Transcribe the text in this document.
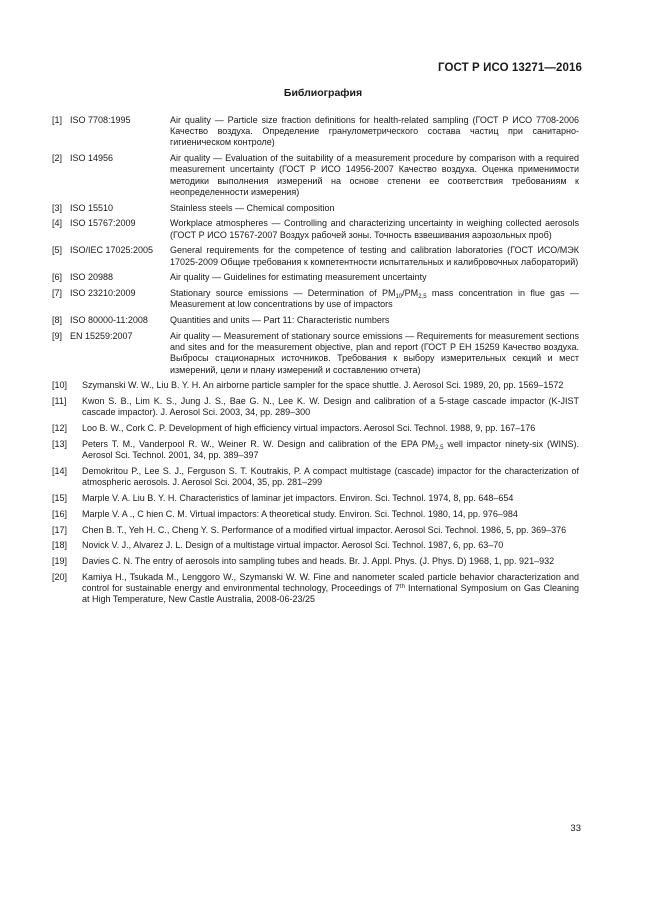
ГОСТ Р ИСО 13271—2016
Библиография
[1] ISO 7708:1995	Air quality — Particle size fraction definitions for health-related sampling (ГОСТ Р ИСО 7708-2006 Качество воздуха. Определение гранулометрического состава частиц при санитарно-гигиеническом контроле)
[2] ISO 14956	Air quality — Evaluation of the suitability of a measurement procedure by comparison with a required measurement uncertainty (ГОСТ Р ИСО 14956-2007 Качество воздуха. Оценка применимости методики выполнения измерений на основе степени ее соответствия требованиям к неопределенности измерения)
[3] ISO 15510	Stainless steels — Chemical composition
[4] ISO 15767:2009	Workplace atmospheres — Controlling and characterizing uncertainty in weighing collected aerosols (ГОСТ Р ИСО 15767-2007 Воздух рабочей зоны. Точность взвешивания аэрозольных проб)
[5] ISO/IEC 17025:2005	General requirements for the competence of testing and calibration laboratories (ГОСТ ИСО/МЭК 17025-2009 Общие требования к компетентности испытательных и калибровочных лабораторий)
[6] ISO 20988	Air quality — Guidelines for estimating measurement uncertainty
[7] ISO 23210:2009	Stationary source emissions — Determination of $PM_{10}/PM_{2,5}$ mass concentration in flue gas — Measurement at low concentrations by use of impactors
[8] ISO 80000-11:2008	Quantities and units — Part 11: Characteristic numbers
[9] EN 15259:2007	Air quality — Measurement of stationary source emissions — Requirements for measurement sections and sites and for the measurement objective, plan and report (ГОСТ Р ЕН 15259 Качество воздуха. Выбросы стационарных источников. Требования к выбору измерительных секций и мест измерений, цели и плану измерений и составлению отчета)
[10]	Szymanski W. W., Liu B. Y. H. An airborne particle sampler for the space shuttle. J. Aerosol Sci. 1989, 20, pp. 1569–1572
[11]	Kwon S. B., Lim K. S., Jung J. S., Bae G. N., Lee K. W. Design and calibration of a 5-stage cascade impactor (K-JIST cascade impactor). J. Aerosol Sci. 2003, 34, pp. 289–300
[12]	Loo B. W., Cork C. P. Development of high efficiency virtual impactors. Aerosol Sci. Technol. 1988, 9, pp. 167–176
[13]	Peters T. M., Vanderpool R. W., Weiner R. W. Design and calibration of the EPA $PM_{2,5}$ well impactor ninety-six (WINS). Aerosol Sci. Technol. 2001, 34, pp. 389–397
[14]	Demokritou P., Lee S. J., Ferguson S. T. Koutrakis, P. A compact multistage (cascade) impactor for the characterization of atmospheric aerosols. J. Aerosol Sci. 2004, 35, pp. 281–299
[15]	Marple V. A. Liu B. Y. H. Characteristics of laminar jet impactors. Environ. Sci. Technol. 1974, 8, pp. 648–654
[16]	Marple V. A ., C hien C. M. Virtual impactors: A theoretical study. Environ. Sci. Technol. 1980, 14, pp. 976–984
[17]	Chen B. T., Yeh H. C., Cheng Y. S. Performance of a modified virtual impactor. Aerosol Sci. Technol. 1986, 5, pp. 369–376
[18]	Novick V. J., Alvarez J. L. Design of a multistage virtual impactor. Aerosol Sci. Technol. 1987, 6, pp. 63–70
[19]	Davies C. N. The entry of aerosols into sampling tubes and heads. Br. J. Appl. Phys. (J. Phys. D) 1968, 1, pp. 921–932
[20]	Kamiya H., Tsukada M., Lenggoro W., Szymanski W. W. Fine and nanometer scaled particle behavior characterization and control for sustainable energy and environmental technology, Proceedings of 7th International Symposium on Gas Cleaning at High Temperature, New Castle Australia, 2008-06-23/25
33
